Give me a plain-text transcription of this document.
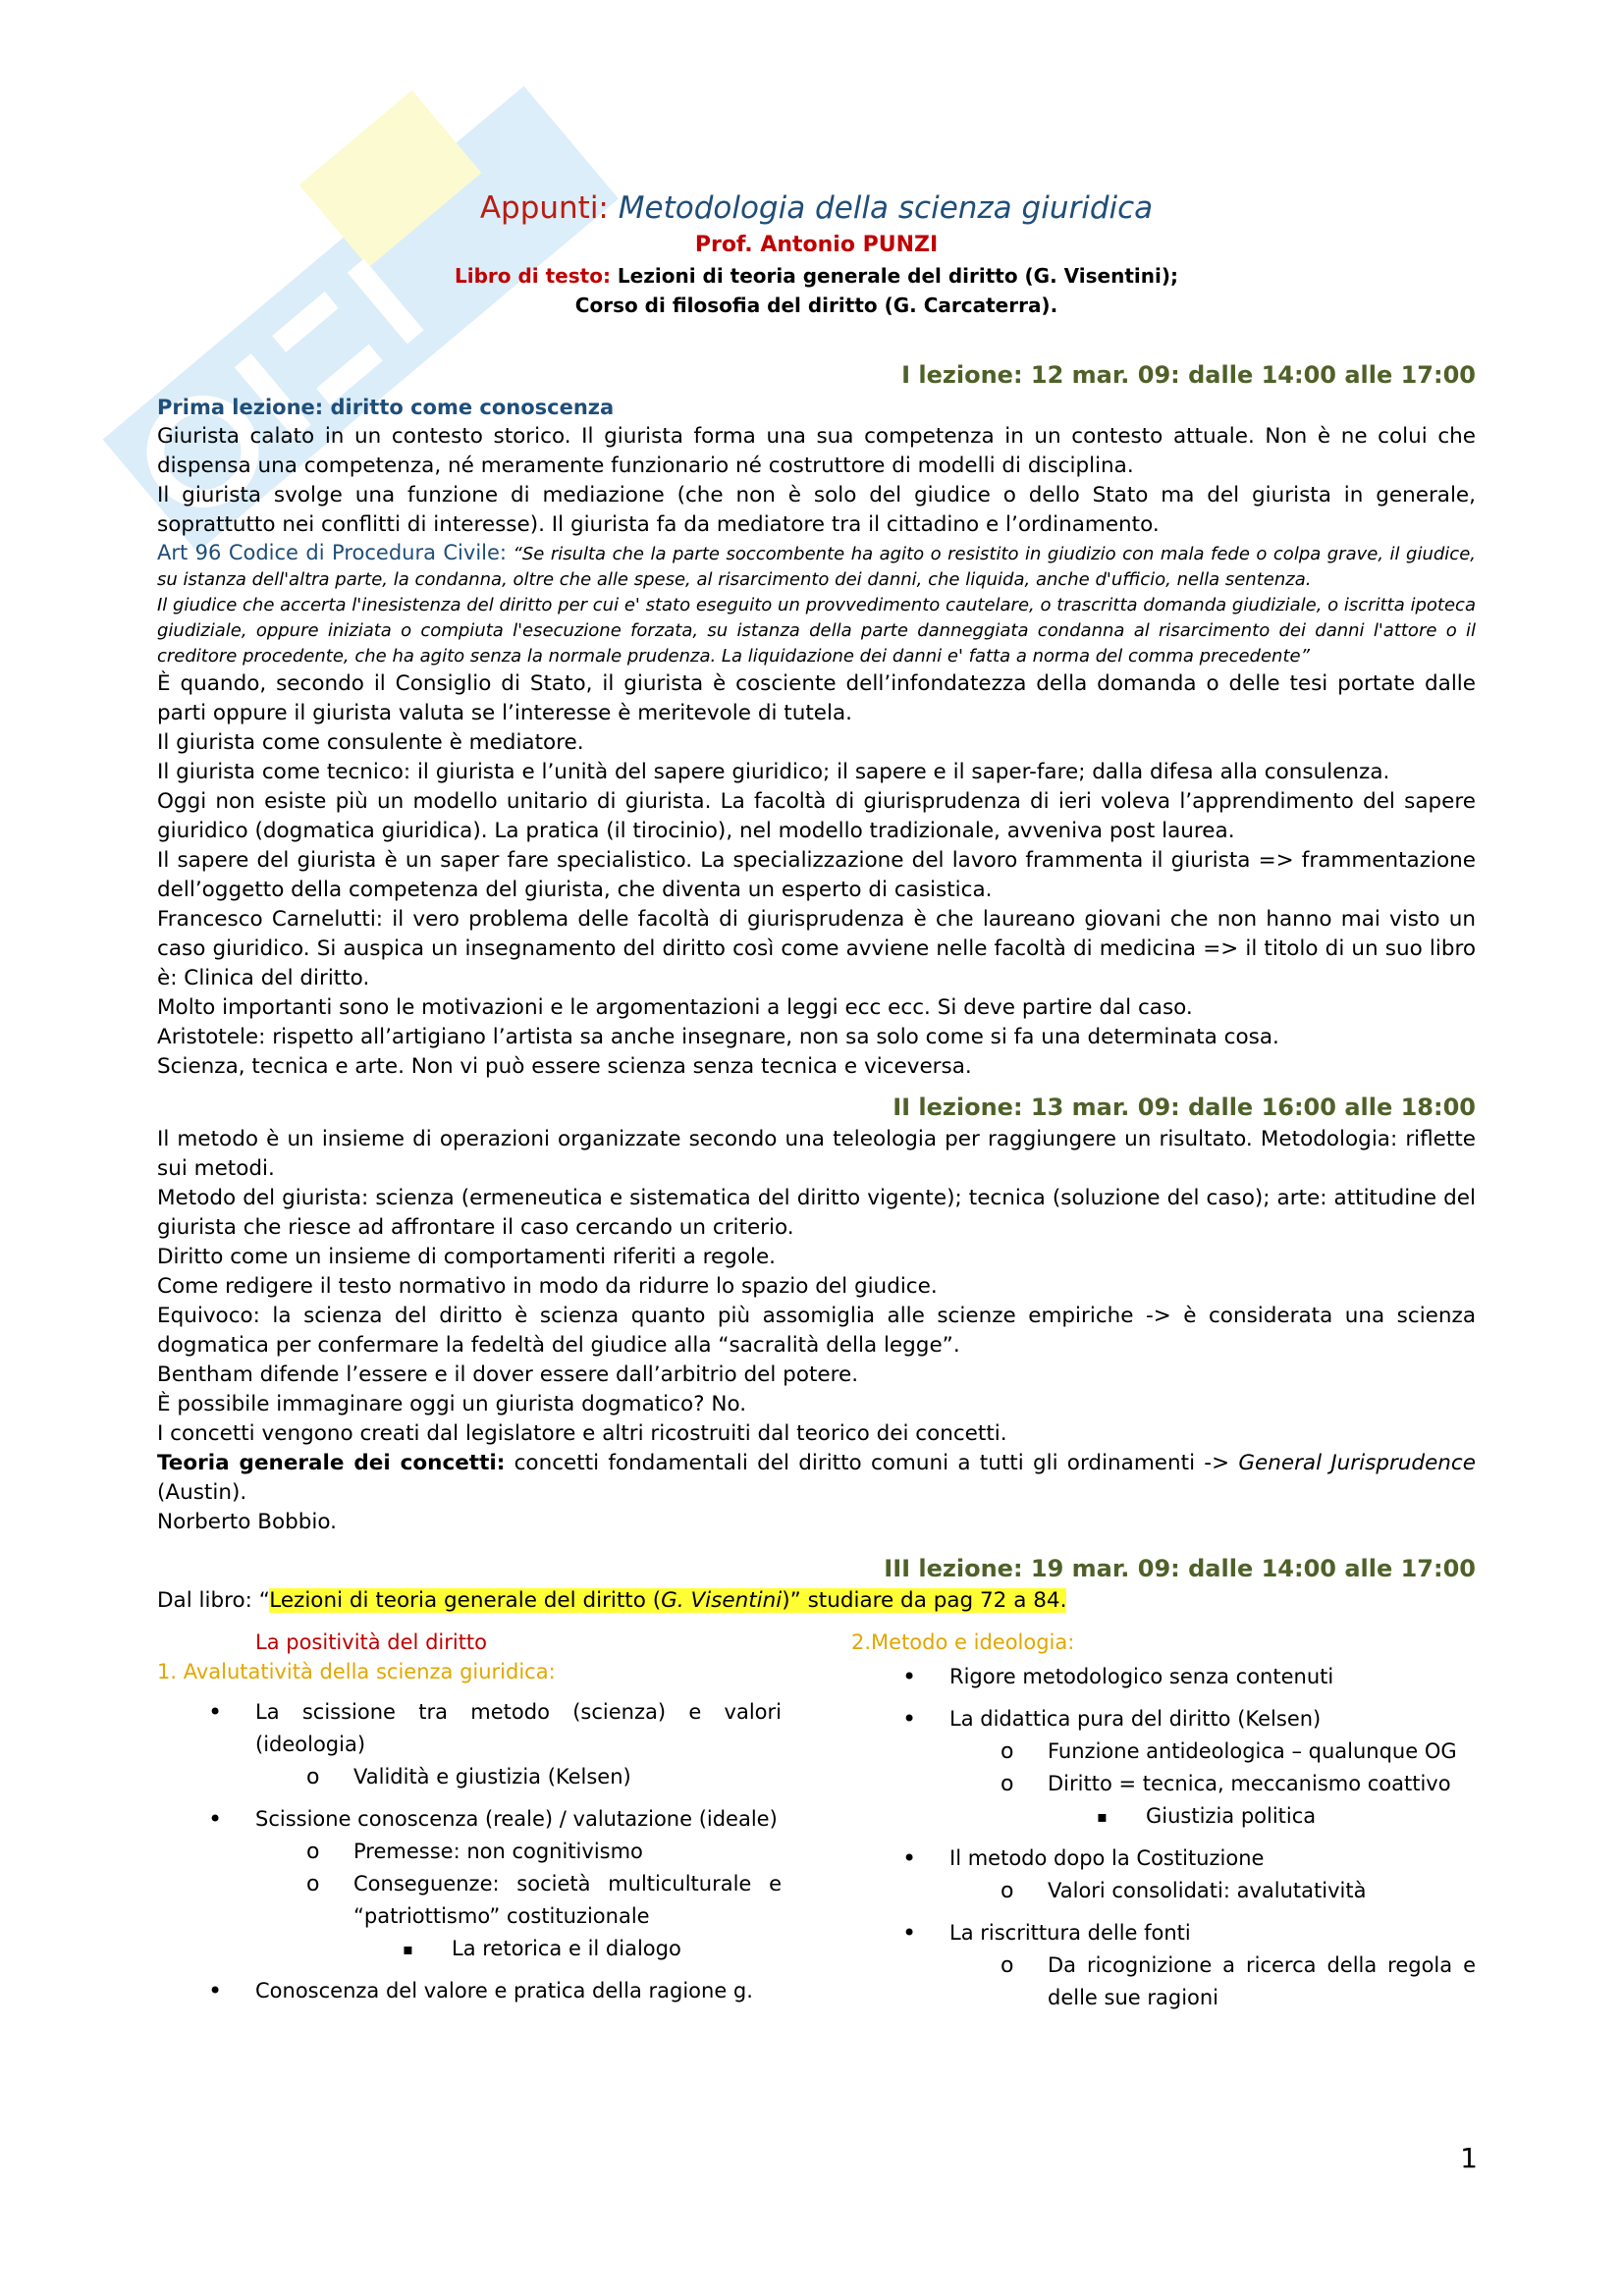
Appunti: Metodologia della scienza giuridica
Prof. Antonio PUNZI
Libro di testo: Lezioni di teoria generale del diritto (G. Visentini);
Corso di filosofia del diritto (G. Carcaterra).
I lezione: 12 mar. 09: dalle 14:00 alle 17:00
Prima lezione: diritto come conoscenza

Giurista calato in un contesto storico. Il giurista forma una sua competenza in un contesto attuale. Non è ne colui che dispensa una competenza, né meramente funzionario né costruttore di modelli di disciplina.

Il giurista svolge una funzione di mediazione (che non è solo del giudice o dello Stato ma del giurista in generale, soprattutto nei conflitti di interesse). Il giurista fa da mediatore tra il cittadino e l’ordinamento.

Art 96 Codice di Procedura Civile: “Se risulta che la parte soccombente ha agito o resistito in giudizio con mala fede o colpa grave, il giudice, su istanza dell'altra parte, la condanna, oltre che alle spese, al risarcimento dei danni, che liquida, anche d'ufficio, nella sentenza.

Il giudice che accerta l'inesistenza del diritto per cui e' stato eseguito un provvedimento cautelare, o trascritta domanda giudiziale, o iscritta ipoteca giudiziale, oppure iniziata o compiuta l'esecuzione forzata, su istanza della parte danneggiata condanna al risarcimento dei danni l'attore o il creditore procedente, che ha agito senza la normale prudenza. La liquidazione dei danni e' fatta a norma del comma precedente”

È quando, secondo il Consiglio di Stato, il giurista è cosciente dell’infondatezza della domanda o delle tesi portate dalle parti oppure il giurista valuta se l’interesse è meritevole di tutela.

Il giurista come consulente è mediatore.

Il giurista come tecnico: il giurista e l’unità del sapere giuridico; il sapere e il saper-fare; dalla difesa alla consulenza.

Oggi non esiste più un modello unitario di giurista. La facoltà di giurisprudenza di ieri voleva l’apprendimento del sapere giuridico (dogmatica giuridica). La pratica (il tirocinio), nel modello tradizionale, avveniva post laurea.

Il sapere del giurista è un saper fare specialistico. La specializzazione del lavoro frammenta il giurista => frammentazione dell’oggetto della competenza del giurista, che diventa un esperto di casistica.

Francesco Carnelutti: il vero problema delle facoltà di giurisprudenza è che laureano giovani che non hanno mai visto un caso giuridico. Si auspica un insegnamento del diritto così come avviene nelle facoltà di medicina => il titolo di un suo libro è: Clinica del diritto.

Molto importanti sono le motivazioni e le argomentazioni a leggi ecc ecc. Si deve partire dal caso.

Aristotele: rispetto all’artigiano l’artista sa anche insegnare, non sa solo come si fa una determinata cosa.

Scienza, tecnica e arte. Non vi può essere scienza senza tecnica e viceversa.

II lezione: 13 mar. 09: dalle 16:00 alle 18:00

Il metodo è un insieme di operazioni organizzate secondo una teleologia per raggiungere un risultato. Metodologia: riflette sui metodi.

Metodo del giurista: scienza (ermeneutica e sistematica del diritto vigente); tecnica (soluzione del caso); arte: attitudine del giurista che riesce ad affrontare il caso cercando un criterio.

Diritto come un insieme di comportamenti riferiti a regole.

Come redigere il testo normativo in modo da ridurre lo spazio del giudice.

Equivoco: la scienza del diritto è scienza quanto più assomiglia alle scienze empiriche -> è considerata una scienza dogmatica per confermare la fedeltà del giudice alla “sacralità della legge”.

Bentham difende l’essere e il dover essere dall’arbitrio del potere.

È possibile immaginare oggi un giurista dogmatico? No.

I concetti vengono creati dal legislatore e altri ricostruiti dal teorico dei concetti.

Teoria generale dei concetti: concetti fondamentali del diritto comuni a tutti gli ordinamenti -> General Jurisprudence (Austin).

Norberto Bobbio.

III lezione: 19 mar. 09: dalle 14:00 alle 17:00

Dal libro: “Lezioni di teoria generale del diritto (G. Visentini)” studiare da pag 72 a 84.

La positività del diritto
1. Avalutatività della scienza giuridica:
• La scissione tra metodo (scienza) e valori (ideologia)
o Validità e giustizia (Kelsen)
• Scissione conoscenza (reale) / valutazione (ideale)
o Premesse: non cognitivismo
o Conseguenze: società multiculturale e “patriottismo” costituzionale
▪ La retorica e il dialogo
• Conoscenza del valore e pratica della ragione g.
2.Metodo e ideologia:
• Rigore metodologico senza contenuti
• La didattica pura del diritto (Kelsen)
o Funzione antideologica – qualunque OG
o Diritto = tecnica, meccanismo coattivo
▪ Giustizia politica
• Il metodo dopo la Costituzione
o Valori consolidati: avalutatività
• La riscrittura delle fonti
o Da ricognizione a ricerca della regola e delle sue ragioni
1
